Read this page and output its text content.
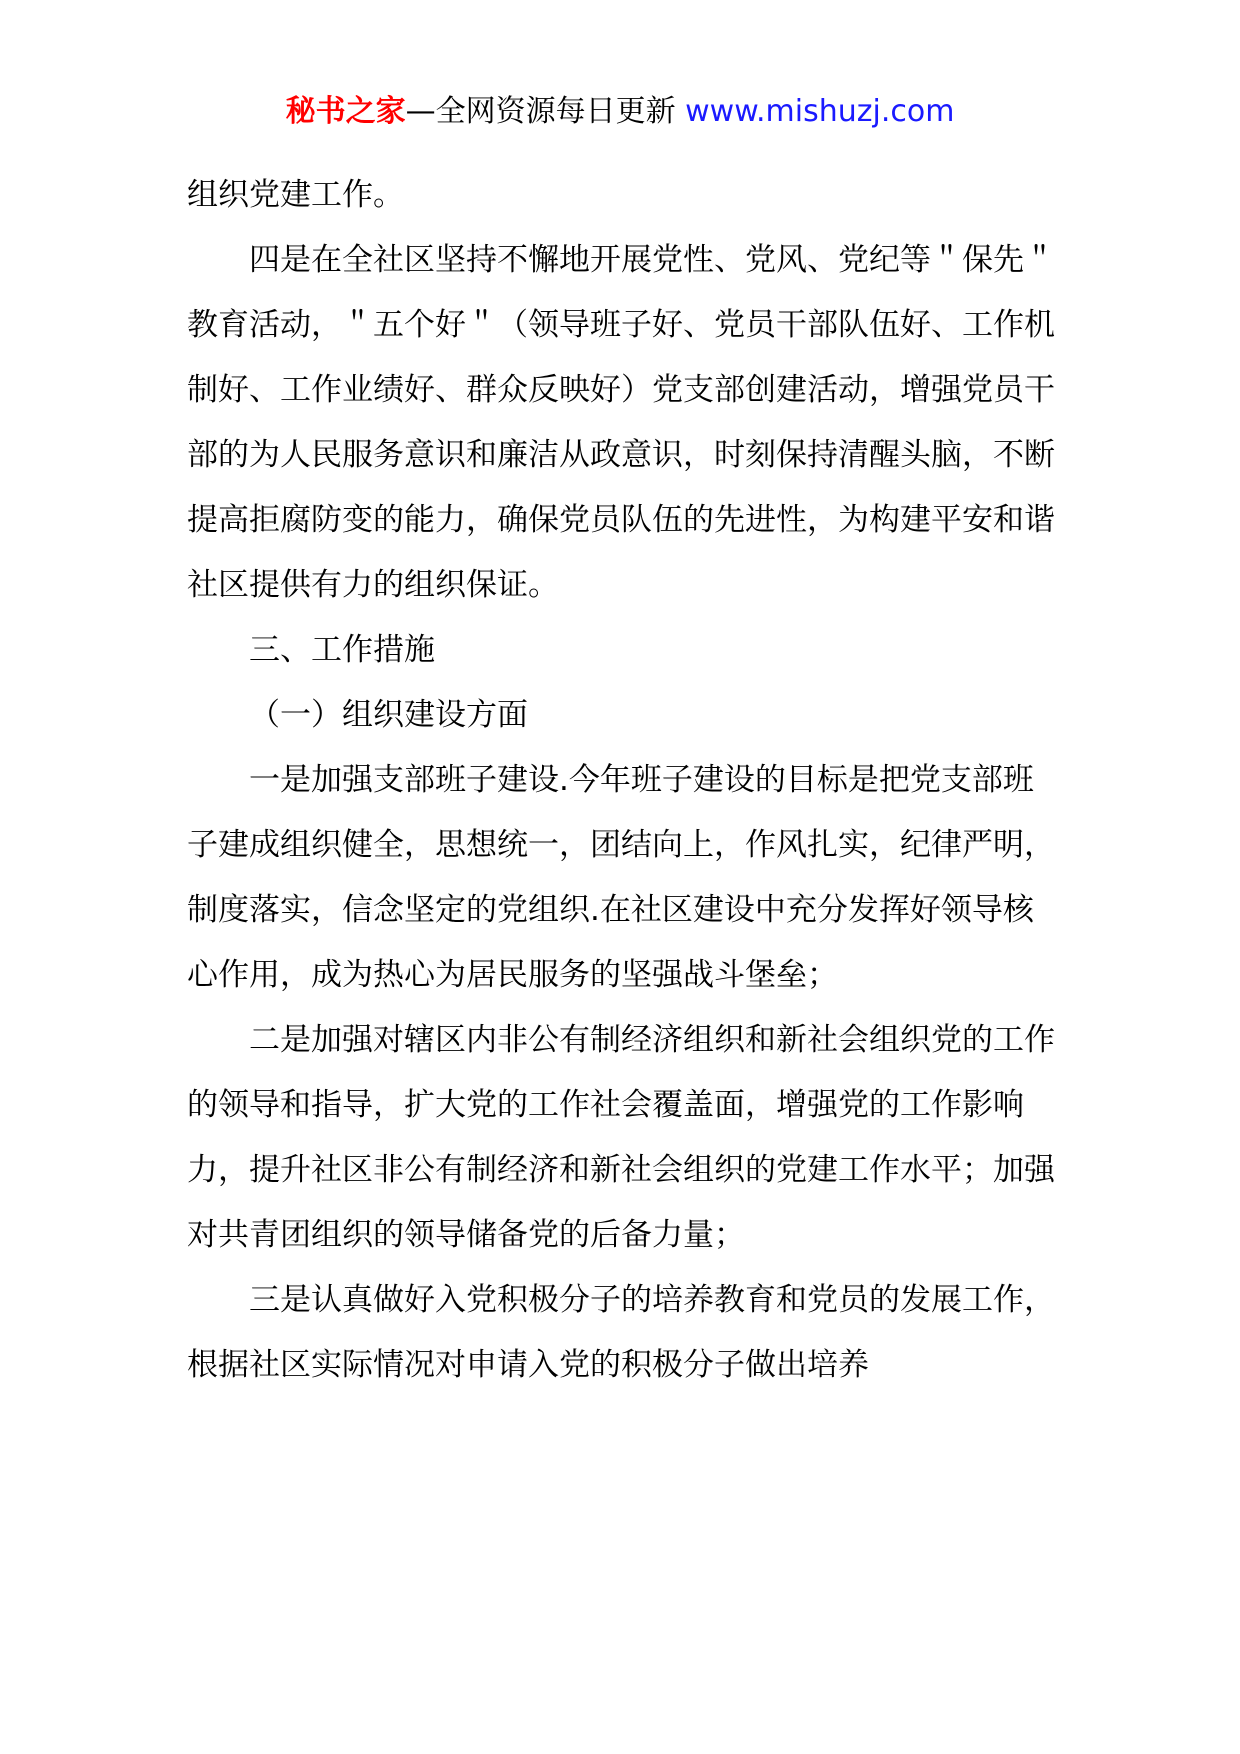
秘书之家—全网资源每日更新 www.mishuzj.com

组织党建工作。

四是在全社区坚持不懈地开展党性、党风、党纪等＂保先＂教育活动，＂五个好＂（领导班子好、党员干部队伍好、工作机制好、工作业绩好、群众反映好）党支部创建活动，增强党员干部的为人民服务意识和廉洁从政意识，时刻保持清醒头脑，不断提高拒腐防变的能力，确保党员队伍的先进性，为构建平安和谐社区提供有力的组织保证。

三、工作措施

（一）组织建设方面

一是加强支部班子建设.今年班子建设的目标是把党支部班子建成组织健全，思想统一，团结向上，作风扎实，纪律严明，制度落实，信念坚定的党组织.在社区建设中充分发挥好领导核心作用，成为热心为居民服务的坚强战斗堡垒；

二是加强对辖区内非公有制经济组织和新社会组织党的工作的领导和指导，扩大党的工作社会覆盖面，增强党的工作影响力，提升社区非公有制经济和新社会组织的党建工作水平；加强对共青团组织的领导储备党的后备力量；

三是认真做好入党积极分子的培养教育和党员的发展工作，根据社区实际情况对申请入党的积极分子做出培养
